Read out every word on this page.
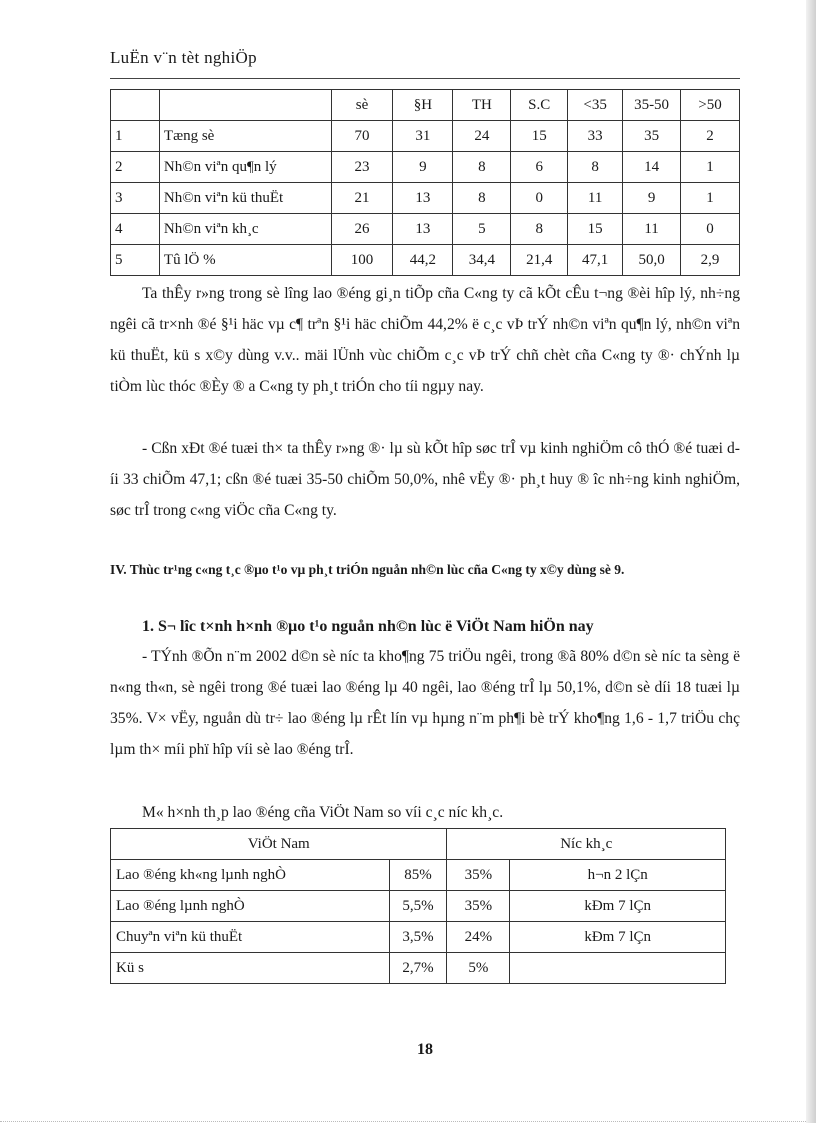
LuËn v¨n tèt nghiÖp
		sè	§H	TH	S.C	<35	35-50	>50
1	Tæng sè	70	31	24	15	33	35	2
2	Nh©n viªn qu¶n lý	23	9	8	6	8	14	1
3	Nh©n viªn kü thuËt	21	13	8	0	11	9	1
4	Nh©n viªn kh¸c	26	13	5	8	15	11	0
5	Tû lÖ %	100	44,2	34,4	21,4	47,1	50,0	2,9

Ta thÊy r»ng trong sè lîng lao ®éng gi¸n tiÕp cña C«ng ty cã kÕt cÊu t¬ng ®èi hîp lý, nh÷ng ngêi cã tr×nh ®é §¹i häc vµ c¶ trªn §¹i häc chiÕm 44,2% ë c¸c vÞ trÝ nh©n viªn qu¶n lý, nh©n viªn kü thuËt, kü s x©y dùng v.v.. mäi lÜnh vùc chiÕm c¸c vÞ trÝ chñ chèt cña C«ng ty ®· chÝnh lµ tiÒm lùc thóc ®Èy ® a C«ng ty ph¸t triÓn cho tíi ngµy nay.

- Cßn xÐt ®é tuæi th× ta thÊy r»ng ®· lµ sù kÕt hîp søc trÎ vµ kinh nghiÖm cô thÓ ®é tuæi díi 33 chiÕm 47,1; cßn ®é tuæi 35-50 chiÕm 50,0%, nhê vËy ®· ph¸t huy ® îc nh÷ng kinh nghiÖm, søc trÎ trong c«ng viÖc cña C«ng ty.

IV. Thùc tr¹ng c«ng t¸c ®µo t¹o vµ ph¸t triÓn nguån nh©n lùc cña C«ng ty x©y dùng sè 9.

1. S¬ lîc t×nh h×nh ®µo t¹o nguån nh©n lùc ë ViÖt Nam hiÖn nay

- TÝnh ®Õn n¨m 2002 d©n sè níc ta kho¶ng 75 triÖu ngêi, trong ®ã 80% d©n sè níc ta sèng ë n«ng th«n, sè ngêi trong ®é tuæi lao ®éng lµ 40 ngêi, lao ®éng trÎ lµ 50,1%, d©n sè díi 18 tuæi lµ 35%. V× vËy, nguån dù tr÷ lao ®éng lµ rÊt lín vµ hµng n¨m ph¶i bè trÝ kho¶ng 1,6 - 1,7 triÖu chç lµm th× míi phï hîp víi sè lao ®éng trÎ.

M« h×nh th¸p lao ®éng cña ViÖt Nam so víi c¸c níc kh¸c.

ViÖt Nam		Níc kh¸c	
Lao ®éng kh«ng lµnh nghÒ	85%	35%	h¬n 2 lÇn
Lao ®éng lµnh nghÒ	5,5%	35%	kÐm 7 lÇn
Chuyªn viªn kü thuËt	3,5%	24%	kÐm 7 lÇn
Kü s	2,7%	5%	
18
